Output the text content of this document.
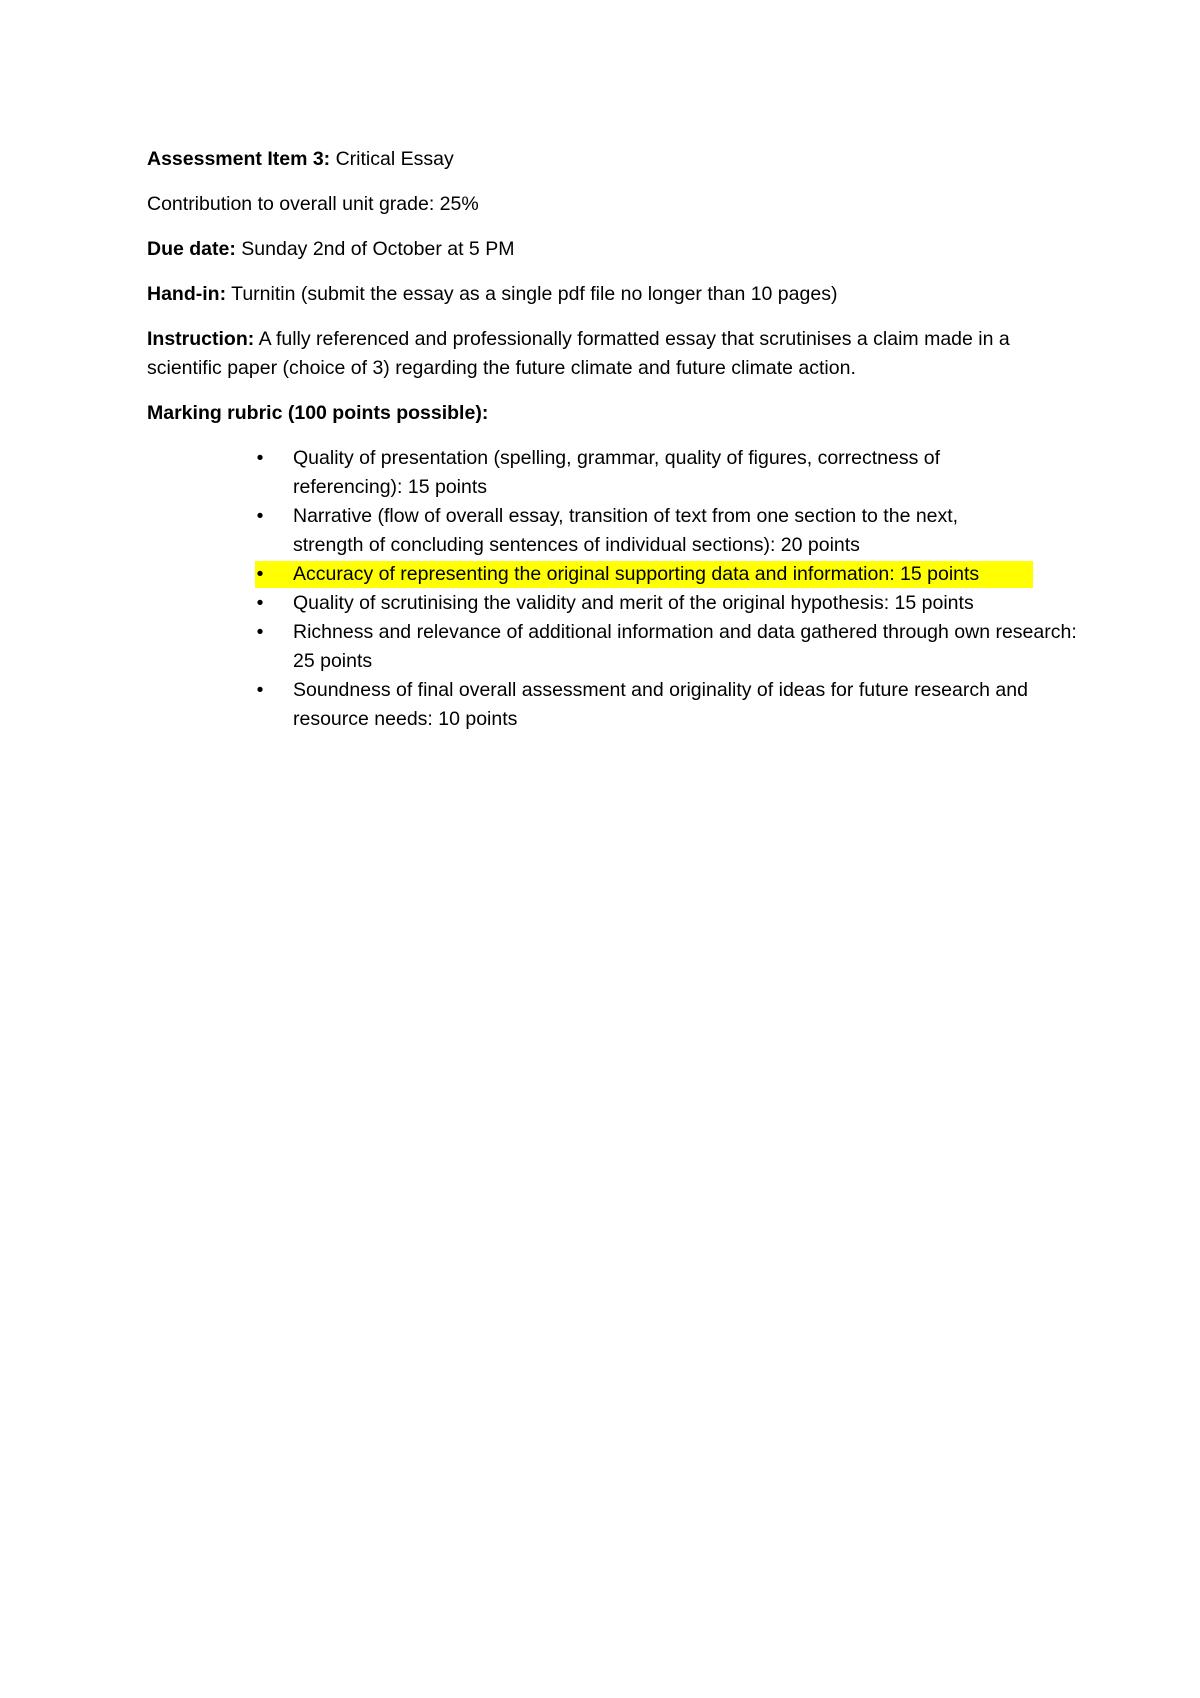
Assessment Item 3: Critical Essay

Contribution to overall unit grade: 25%

Due date: Sunday 2nd of October at 5 PM

Hand-in: Turnitin (submit the essay as a single pdf file no longer than 10 pages)

Instruction: A fully referenced and professionally formatted essay that scrutinises a claim made in a scientific paper (choice of 3) regarding the future climate and future climate action.

Marking rubric (100 points possible):

•	Quality of presentation (spelling, grammar, quality of figures, correctness of referencing): 15 points
•	Narrative (flow of overall essay, transition of text from one section to the next, strength of concluding sentences of individual sections): 20 points
•	Accuracy of representing the original supporting data and information: 15 points
•	Quality of scrutinising the validity and merit of the original hypothesis: 15 points
•	Richness and relevance of additional information and data gathered through own research: 25 points
•	Soundness of final overall assessment and originality of ideas for future research and resource needs: 10 points
